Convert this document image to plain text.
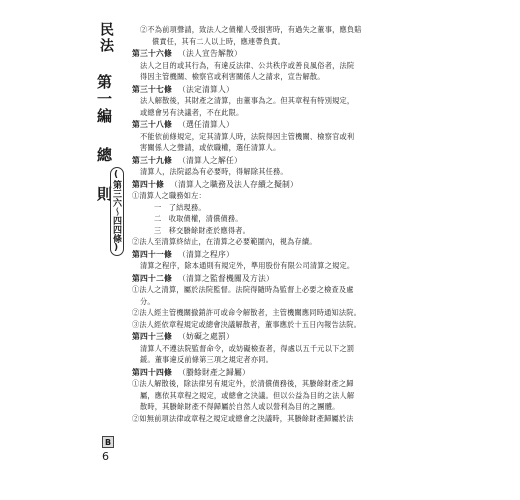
民法
第一編總則
(第三六～四四條)
B
6
②不為前項聲請，致法人之債權人受損害時，有過失之董事，應負賠
償責任，其有二人以上時，應連帶負責。
第三十六條 （法人宣告解散）
法人之目的或其行為，有違反法律、公共秩序或善良風俗者，法院
得因主管機關、檢察官或利害關係人之請求，宣告解散。
第三十七條 （法定清算人）
法人解散後，其財產之清算，由董事為之。但其章程有特別規定，
或總會另有決議者，不在此限。
第三十八條 （選任清算人）
不能依前條規定，定其清算人時，法院得因主管機關、檢察官或利
害關係人之聲請，或依職權，選任清算人。
第三十九條 （清算人之解任）
清算人，法院認為有必要時，得解除其任務。
第四十條 （清算人之職務及法人存續之擬制）
①清算人之職務如左：
一　了結現務。
二　收取債權，清償債務。
三　移交賸餘財產於應得者。
②法人至清算終結止，在清算之必要範圍內，視為存續。
第四十一條 （清算之程序）
清算之程序，除本通則有規定外，準用股份有限公司清算之規定。
第四十二條 （清算之監督機關及方法）
①法人之清算，屬於法院監督。法院得隨時為監督上必要之檢查及處
分。
②法人經主管機關撤銷許可或命令解散者，主管機關應同時通知法院。
③法人經依章程規定或總會決議解散者，董事應於十五日內報告法院。
第四十三條 （妨礙之處罰）
清算人不遵法院監督命令，或妨礙檢查者，得處以五千元以下之罰
鍰。董事違反前條第三項之規定者亦同。
第四十四條 （賸餘財產之歸屬）
①法人解散後，除法律另有規定外，於清償債務後，其賸餘財產之歸
屬，應依其章程之規定，或總會之決議。但以公益為目的之法人解
散時，其賸餘財產不得歸屬於自然人或以營利為目的之團體。
②如無前項法律或章程之規定或總會之決議時，其賸餘財產歸屬於法
